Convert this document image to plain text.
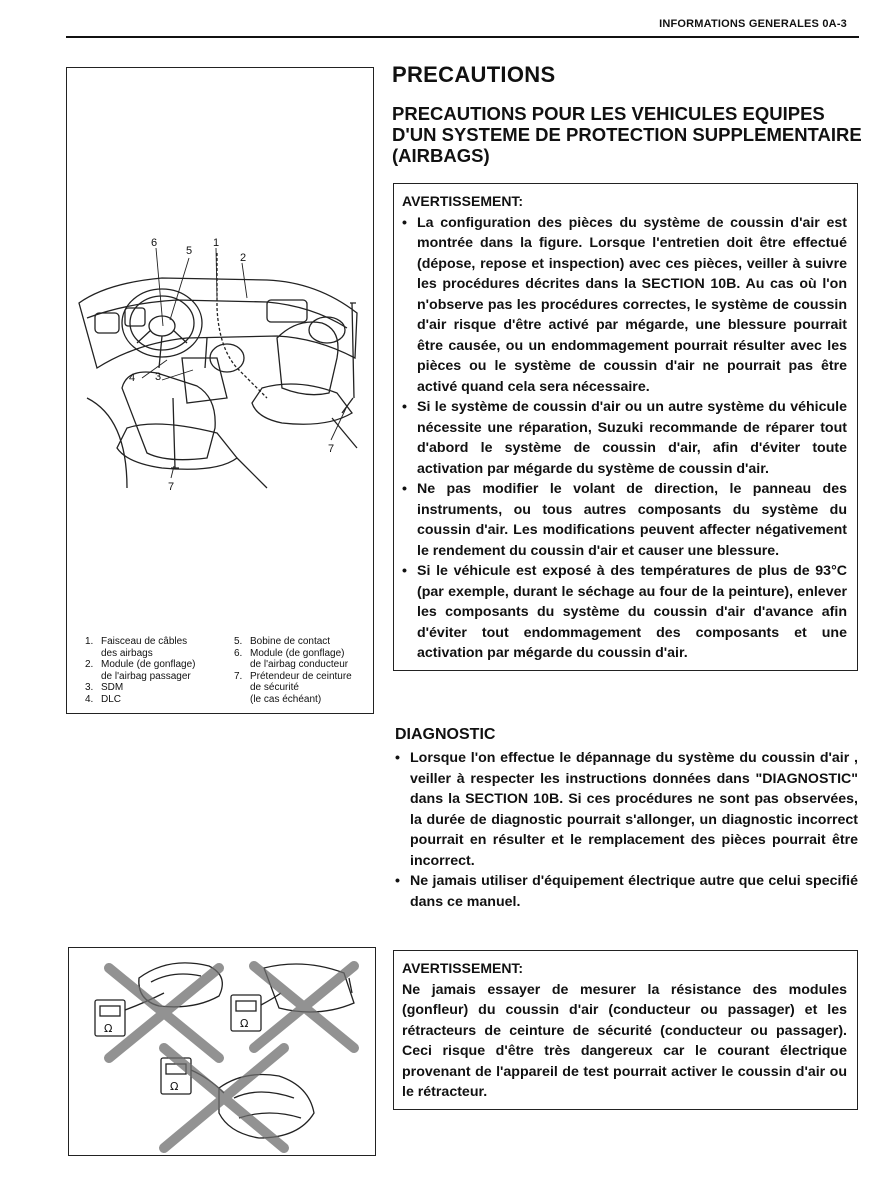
INFORMATIONS GENERALES 0A-3
6
5
1
2
4 3
7
7
1. Faisceau de câbles
des airbags
2. Module (de gonflage)
de l'airbag passager
3. SDM
4. DLC
5. Bobine de contact
6. Module (de gonflage)
de l'airbag conducteur
7. Prétendeur de ceinture
de sécurité
(le cas échéant)
PRECAUTIONS
PRECAUTIONS POUR LES VEHICULES EQUIPES D'UN SYSTEME DE PROTECTION SUPPLEMENTAIRE (AIRBAGS)
AVERTISSEMENT:
• La configuration des pièces du système de coussin d'air est montrée dans la figure. Lorsque l'entretien doit être effectué (dépose, repose et inspection) avec ces pièces, veiller à suivre les procédures décrites dans la SECTION 10B. Au cas où l'on n'observe pas les procédures correctes, le système de coussin d'air risque d'être activé par mégarde, une blessure pourrait être causée, ou un endommagement pourrait résulter avec les pièces ou le système de coussin d'air ne pourrait pas être activé quand cela sera nécessaire.
• Si le système de coussin d'air ou un autre système du véhicule nécessite une réparation, Suzuki recommande de réparer tout d'abord le système de coussin d'air, afin d'éviter toute activation par mégarde du système de coussin d'air.
• Ne pas modifier le volant de direction, le panneau des instruments, ou tous autres composants du système du coussin d'air. Les modifications peuvent affecter négativement le rendement du coussin d'air et causer une blessure.
• Si le véhicule est exposé à des températures de plus de 93°C (par exemple, durant le séchage au four de la peinture), enlever les composants du système du coussin d'air d'avance afin d'éviter tout endommagement des composants et une activation par mégarde du coussin d'air.
DIAGNOSTIC
• Lorsque l'on effectue le dépannage du système du coussin d'air , veiller à respecter les instructions données dans "DIAGNOSTIC" dans la SECTION 10B. Si ces procédures ne sont pas observées, la durée de diagnostic pourrait s'allonger, un diagnostic incorrect pourrait en résulter et le remplacement des pièces pourrait être incorrect.
• Ne jamais utiliser d'équipement électrique autre que celui specifié dans ce manuel.
Ω	Ω
Ω
AVERTISSEMENT:

Ne jamais essayer de mesurer la résistance des modules (gonfleur) du coussin d'air (conducteur ou passager) et les rétracteurs de ceinture de sécurité (conducteur ou passager). Ceci risque d'être très dangereux car le courant électrique provenant de l'appareil de test pourrait activer le coussin d'air ou le rétracteur.
